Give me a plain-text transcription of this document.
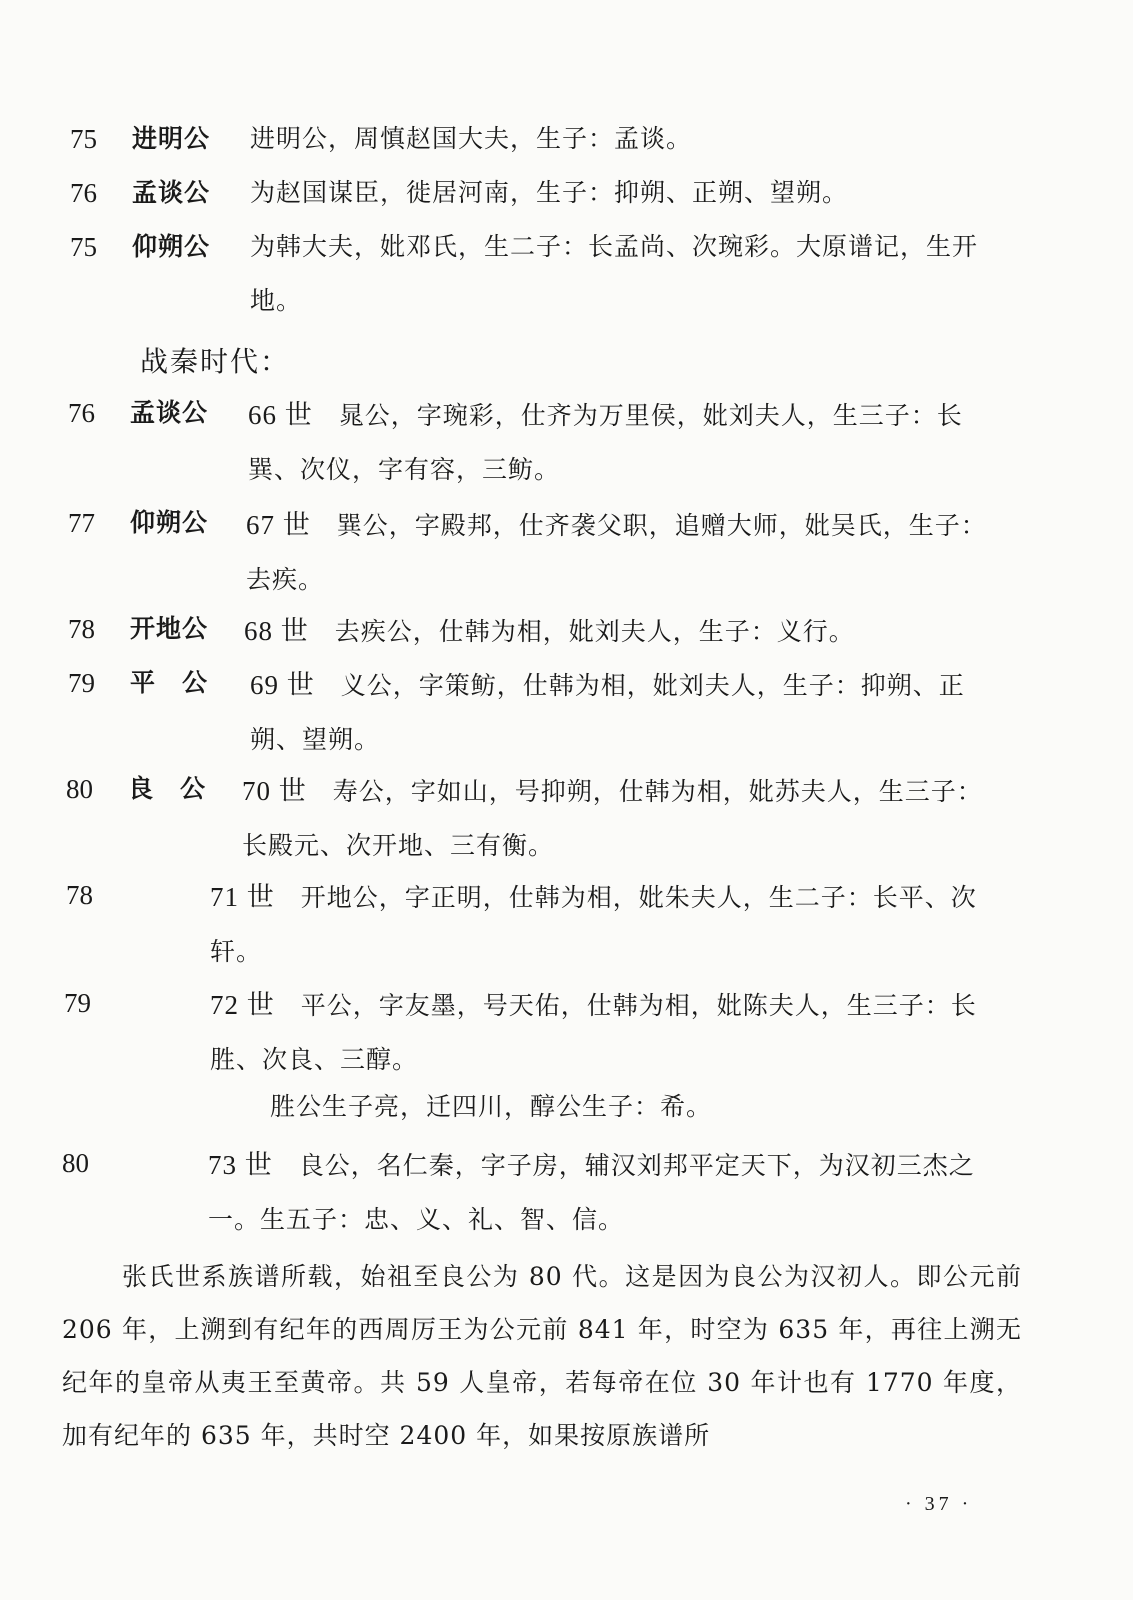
75 进明公 进明公，周慎赵国大夫，生子：孟谈。
76 孟谈公 为赵国谋臣，徙居河南，生子：抑朔、正朔、望朔。
75 仰朔公 为韩大夫，妣邓氏，生二子：长孟尚、次琬彩。大原谱记，生开地。
战秦时代：
76 孟谈公 66 世 晁公，字琬彩，仕齐为万里侯，妣刘夫人，生三子：长巽、次仪，字有容，三鲂。
77 仰朔公 67 世 巽公，字殿邦，仕齐袭父职，追赠大师，妣吴氏，生子：去疾。
78 开地公 68 世 去疾公，仕韩为相，妣刘夫人，生子：义行。
79 平　公 69 世 义公，字策鲂，仕韩为相，妣刘夫人，生子：抑朔、正朔、望朔。
80 良　公 70 世 寿公，字如山，号抑朔，仕韩为相，妣苏夫人，生三子：长殿元、次开地、三有衡。
78	71 世 开地公，字正明，仕韩为相，妣朱夫人，生二子：长平、次轩。
79	72 世 平公，字友墨，号天佑，仕韩为相，妣陈夫人，生三子：长胜、次良、三醇。
胜公生子亮，迁四川，醇公生子：希。
80	73 世 良公，名仁秦，字子房，辅汉刘邦平定天下，为汉初三杰之一。生五子：忠、义、礼、智、信。
张氏世系族谱所载，始祖至良公为 80 代。这是因为良公为汉初人。即公元前 206 年，上溯到有纪年的西周厉王为公元前 841 年，时空为 635 年，再往上溯无纪年的皇帝从夷王至黄帝。共 59 人皇帝，若每帝在位 30 年计也有 1770 年度，加有纪年的 635 年，共时空 2400 年，如果按原族谱所
· 37 ·
